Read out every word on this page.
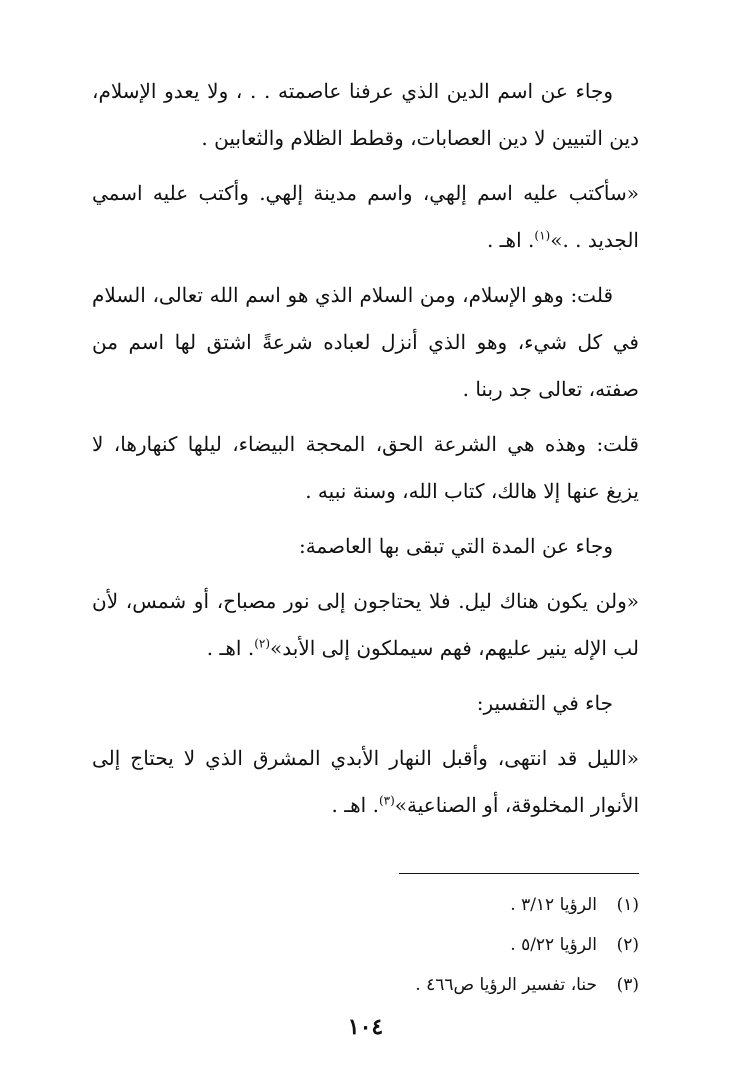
وجاء عن اسم الدين الذي عرفنا عاصمته . . ، ولا يعدو الإسلام، دين التبيين لا دين العصابات، وقطط الظلام والثعابين .

«سأكتب عليه اسم إلهي، واسم مدينة إلهي. وأكتب عليه اسمي الجديد . .»$^{(١)}$. اهـ .

قلت: وهو الإسلام، ومن السلام الذي هو اسم الله تعالى، السلام في كل شيء، وهو الذي أنزل لعباده شرعةً اشتق لها اسم من صفته، تعالى جد ربنا .

قلت: وهذه هي الشرعة الحق، المحجة البيضاء، ليلها كنهارها، لا يزيغ عنها إلا هالك، كتاب الله، وسنة نبيه .

وجاء عن المدة التي تبقى بها العاصمة:

«ولن يكون هناك ليل. فلا يحتاجون إلى نور مصباح، أو شمس، لأن لب الإله ينير عليهم، فهم سيملكون إلى الأبد»$^{(٢)}$. اهـ .

جاء في التفسير:

«الليل قد انتهى، وأقبل النهار الأبدي المشرق الذي لا يحتاج إلى الأنوار المخلوقة، أو الصناعية»$^{(٣)}$. اهـ .

(١)
الرؤيا ٣/١٢ .
(٢)
الرؤيا ٥/٢٢ .
(٣)
حنا، تفسير الرؤيا ص٤٦٦ .
١٠٤
